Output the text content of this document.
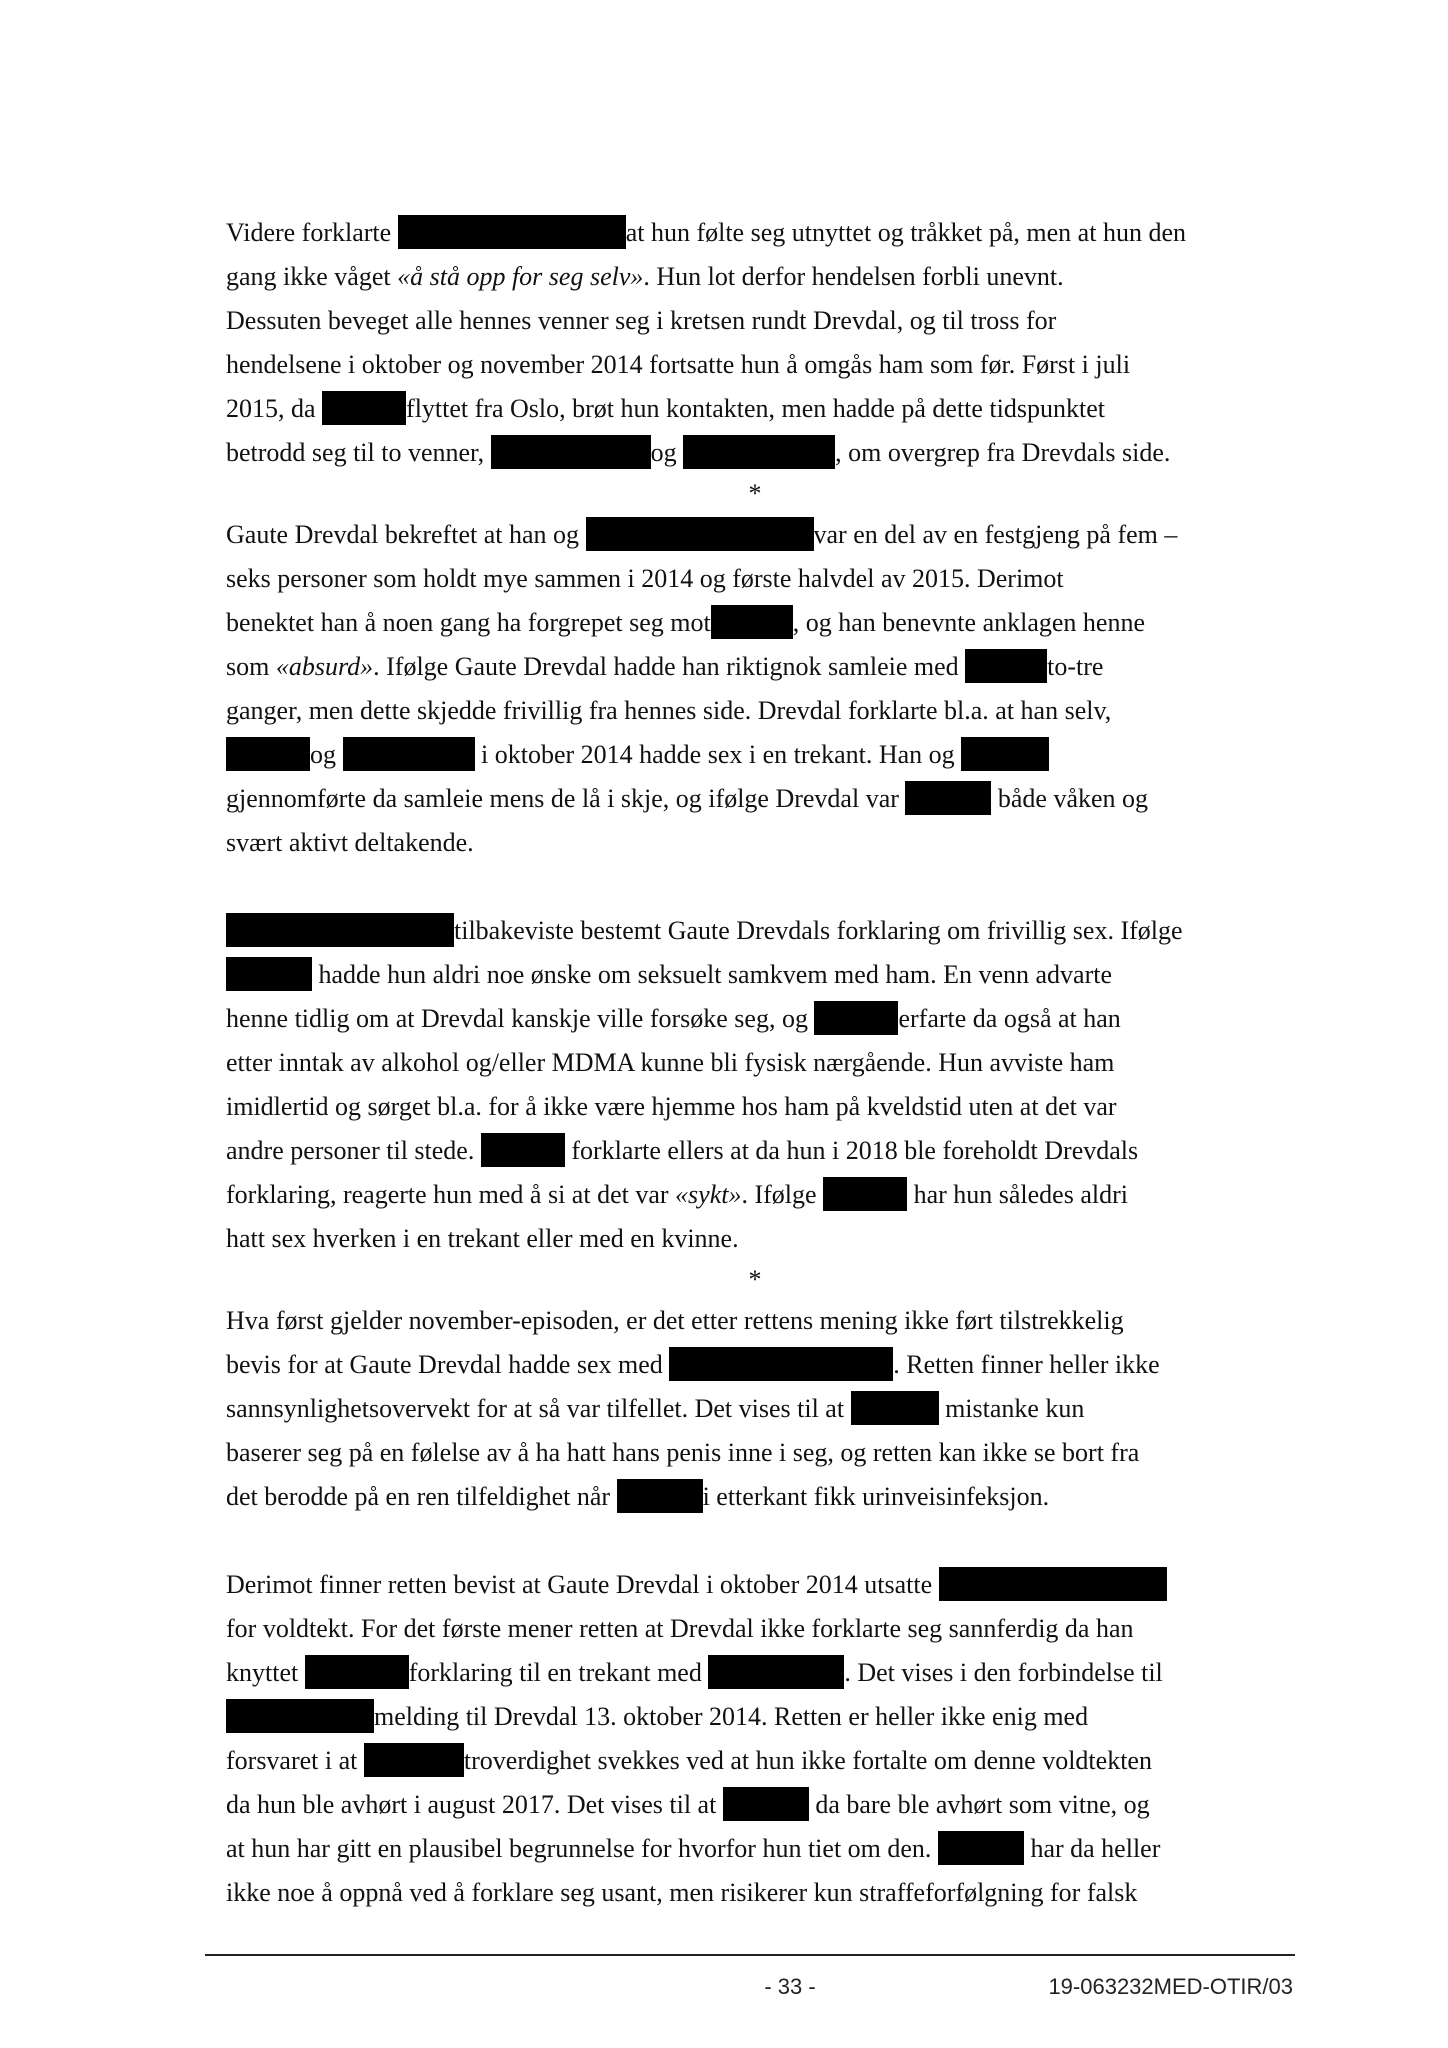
Videre forklarte	at hun følte seg utnyttet og tråkket på, men at hun den
gang ikke våget «å stå opp for seg selv». Hun lot derfor hendelsen forbli unevnt.
Dessuten beveget alle hennes venner seg i kretsen rundt Drevdal, og til tross for
hendelsene i oktober og november 2014 fortsatte hun å omgås ham som før. Først i juli
2015, da	flyttet fra Oslo, brøt hun kontakten, men hadde på dette tidspunktet
betrodd seg til to venner,	og	, om overgrep fra Drevdals side.

*

Gaute Drevdal bekreftet at han og	var en del av en festgjeng på fem –
seks personer som holdt mye sammen i 2014 og første halvdel av 2015. Derimot
benektet han å noen gang ha forgrepet seg mot	, og han benevnte anklagen henne
som «absurd». Ifølge Gaute Drevdal hadde han riktignok samleie med	to-tre
ganger, men dette skjedde frivillig fra hennes side. Drevdal forklarte bl.a. at han selv,
og	i oktober 2014 hadde sex i en trekant. Han og
gjennomførte da samleie mens de lå i skje, og ifølge Drevdal var	både våken og
svært aktivt deltakende.

tilbakeviste bestemt Gaute Drevdals forklaring om frivillig sex. Ifølge
hadde hun aldri noe ønske om seksuelt samkvem med ham. En venn advarte
henne tidlig om at Drevdal kanskje ville forsøke seg, og	erfarte da også at han
etter inntak av alkohol og/eller MDMA kunne bli fysisk nærgående. Hun avviste ham
imidlertid og sørget bl.a. for å ikke være hjemme hos ham på kveldstid uten at det var
andre personer til stede.	forklarte ellers at da hun i 2018 ble foreholdt Drevdals
forklaring, reagerte hun med å si at det var «sykt». Ifølge	har hun således aldri
hatt sex hverken i en trekant eller med en kvinne.

*

Hva først gjelder november-episoden, er det etter rettens mening ikke ført tilstrekkelig
bevis for at Gaute Drevdal hadde sex med	. Retten finner heller ikke
sannsynlighetsovervekt for at så var tilfellet. Det vises til at	mistanke kun
baserer seg på en følelse av å ha hatt hans penis inne i seg, og retten kan ikke se bort fra
det berodde på en ren tilfeldighet når	i etterkant fikk urinveisinfeksjon.

Derimot finner retten bevist at Gaute Drevdal i oktober 2014 utsatte
for voldtekt. For det første mener retten at Drevdal ikke forklarte seg sannferdig da han
knyttet	forklaring til en trekant med	. Det vises i den forbindelse til
melding til Drevdal 13. oktober 2014. Retten er heller ikke enig med
forsvaret i at	troverdighet svekkes ved at hun ikke fortalte om denne voldtekten
da hun ble avhørt i august 2017. Det vises til at	da bare ble avhørt som vitne, og
at hun har gitt en plausibel begrunnelse for hvorfor hun tiet om den.	har da heller
ikke noe å oppnå ved å forklare seg usant, men risikerer kun straffeforfølgning for falsk

- 33 -	19-063232MED-OTIR/03
